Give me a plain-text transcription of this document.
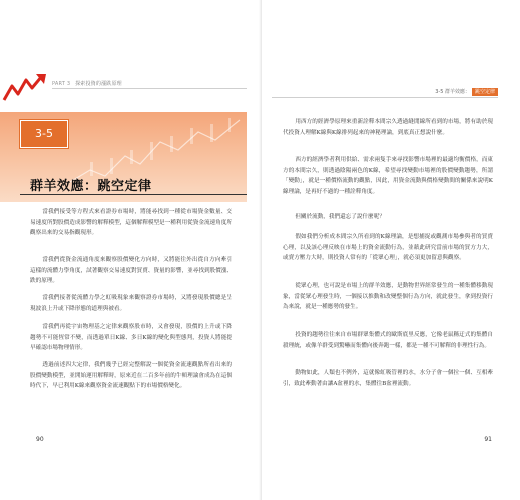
PART 3 探索投資的漲跌原理
3-5
群羊效應：跳空定律

當我們接受等方程式來看證券市場時，將能尋找到一種從市場資金數量、交易速度所對股價造成影響的解釋模型，這個解釋模型是一種利用從資金流速角度所觀察出來的交易指觀現形。

當我們從資金流通角度來觀察股價變化方向時，又將能往外出從自方向牽引這樣的流體力學角度，試著觀察交易速度對買賣、資量的影響，並尋找到股價漲、跌的原理。

當我們接著從流體力學之虹吸現象來觀察證券市場時，又將發現股價總是呈現波浪上升或下降形態的道理與被看。

當我們再從宇宙物理基之定律來觀察股市時，又會發現，股價的上升或下降趨勢不可能恆常不變，而透過單日K線、多日K線的變化與型態判，投資人將能提早確認市場物理情形。

透過前述四大定律，我們幾乎已經完整解說一個從資金流速觀點所看出來的股價變動模型，並開始運用解釋時，原來近在二百多年前的牛頓理論會成為在這個時代下，早已利用K線來觀察資金流速觀點下的市場價格變化。

90
3-5 群羊效應： 跳空定律

用西方的經濟學原理來重新詮釋本間宗久透過縫閒線所看到的市場，將有助於現代投資人理解K線與K線排列起來的神秘理論，到底真正想說什麼。

西方的經濟學者利用供給、需求兩隻手來尋找影響市場裡的最適均衡價格，而東方的本間宗久，則透過陰陽兩色的K線，希望尋找變動市場裡的股價變動趨勢，所謂「變動」，就是一種價格流動的觀點，因此，用資金流動與價格變動間的關係來說明K線理論，是再好不過的一種詮釋角度。

但關於流動，我們還忘了說什麼呢？

假如我們分析成本間宗久所看到的K線理論，是想捕捉或觀測市場參與者的買賣心理，以及該心理反映在市場上的資金流動行為，並藉此研究當前市場的買方力大，或賣方壓力大時，則投資人常有的「從眾心理」，就必須更加留意與觀察。

從眾心理，也可說是市場上的群羊效應，是動物世界經常發生的一種集體移動現象，當從眾心理發生時，一個接以推動和改變整個行為方向，就此發生，拿到投資行為來說，就是一種應勢的發生。

投資的趨勢往往來自市場群眾集體式的歐斯底里反應，它像老鼠稱迂式的集體自殺理統，或像羊群受到驚嚇而集體向後奔跑一樣，都是一種不可解釋的非理性行為。

動物如此，人類也不例外，這就像虹吸管裡的水，水分子會一個拉一個、互相牽引，致此牽動著由讓A盆裡的水，集體往B盆裡流動。

91
